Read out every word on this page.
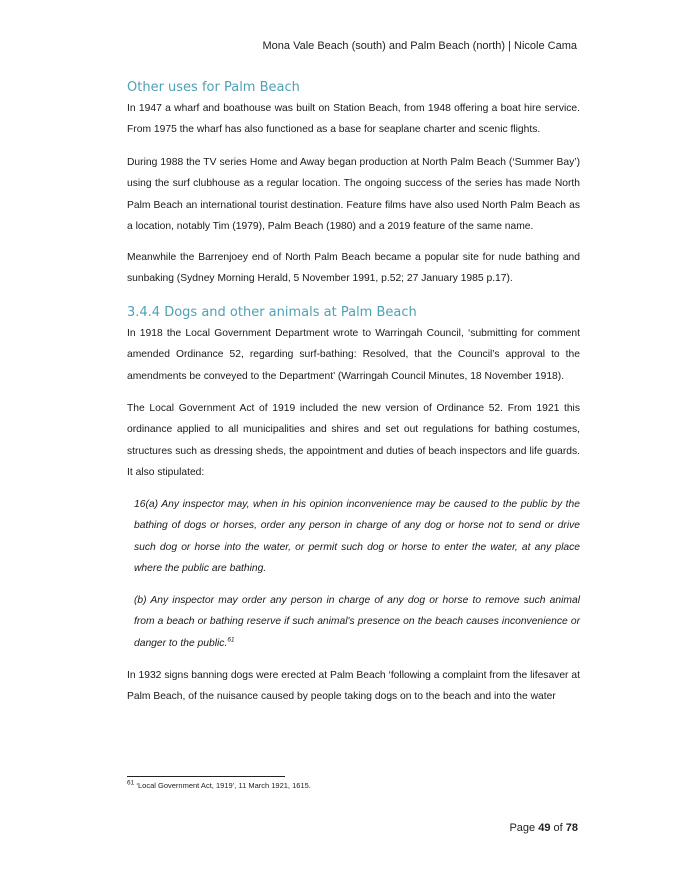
Mona Vale Beach (south) and Palm Beach (north) | Nicole Cama
Other uses for Palm Beach

In 1947 a wharf and boathouse was built on Station Beach, from 1948 offering a boat hire service. From 1975 the wharf has also functioned as a base for seaplane charter and scenic flights.

During 1988 the TV series Home and Away began production at North Palm Beach (‘Summer Bay’) using the surf clubhouse as a regular location. The ongoing success of the series has made North Palm Beach an international tourist destination. Feature films have also used North Palm Beach as a location, notably Tim (1979), Palm Beach (1980) and a 2019 feature of the same name.

Meanwhile the Barrenjoey end of North Palm Beach became a popular site for nude bathing and sunbaking (Sydney Morning Herald, 5 November 1991, p.52; 27 January 1985 p.17).

3.4.4 Dogs and other animals at Palm Beach

In 1918 the Local Government Department wrote to Warringah Council, ‘submitting for comment amended Ordinance 52, regarding surf-bathing: Resolved, that the Council’s approval to the amendments be conveyed to the Department’ (Warringah Council Minutes, 18 November 1918).

The Local Government Act of 1919 included the new version of Ordinance 52. From 1921 this ordinance applied to all municipalities and shires and set out regulations for bathing costumes, structures such as dressing sheds, the appointment and duties of beach inspectors and life guards. It also stipulated:

16(a) Any inspector may, when in his opinion inconvenience may be caused to the public by the bathing of dogs or horses, order any person in charge of any dog or horse not to send or drive such dog or horse into the water, or permit such dog or horse to enter the water, at any place where the public are bathing.

(b) Any inspector may order any person in charge of any dog or horse to remove such animal from a beach or bathing reserve if such animal's presence on the beach causes inconvenience or danger to the public.$^{61}$

In 1932 signs banning dogs were erected at Palm Beach ‘following a complaint from the lifesaver at Palm Beach, of the nuisance caused by people taking dogs on to the beach and into the water

$^{61}$ ‘Local Government Act, 1919’, 11 March 1921, 1615.
Page 49 of 78
